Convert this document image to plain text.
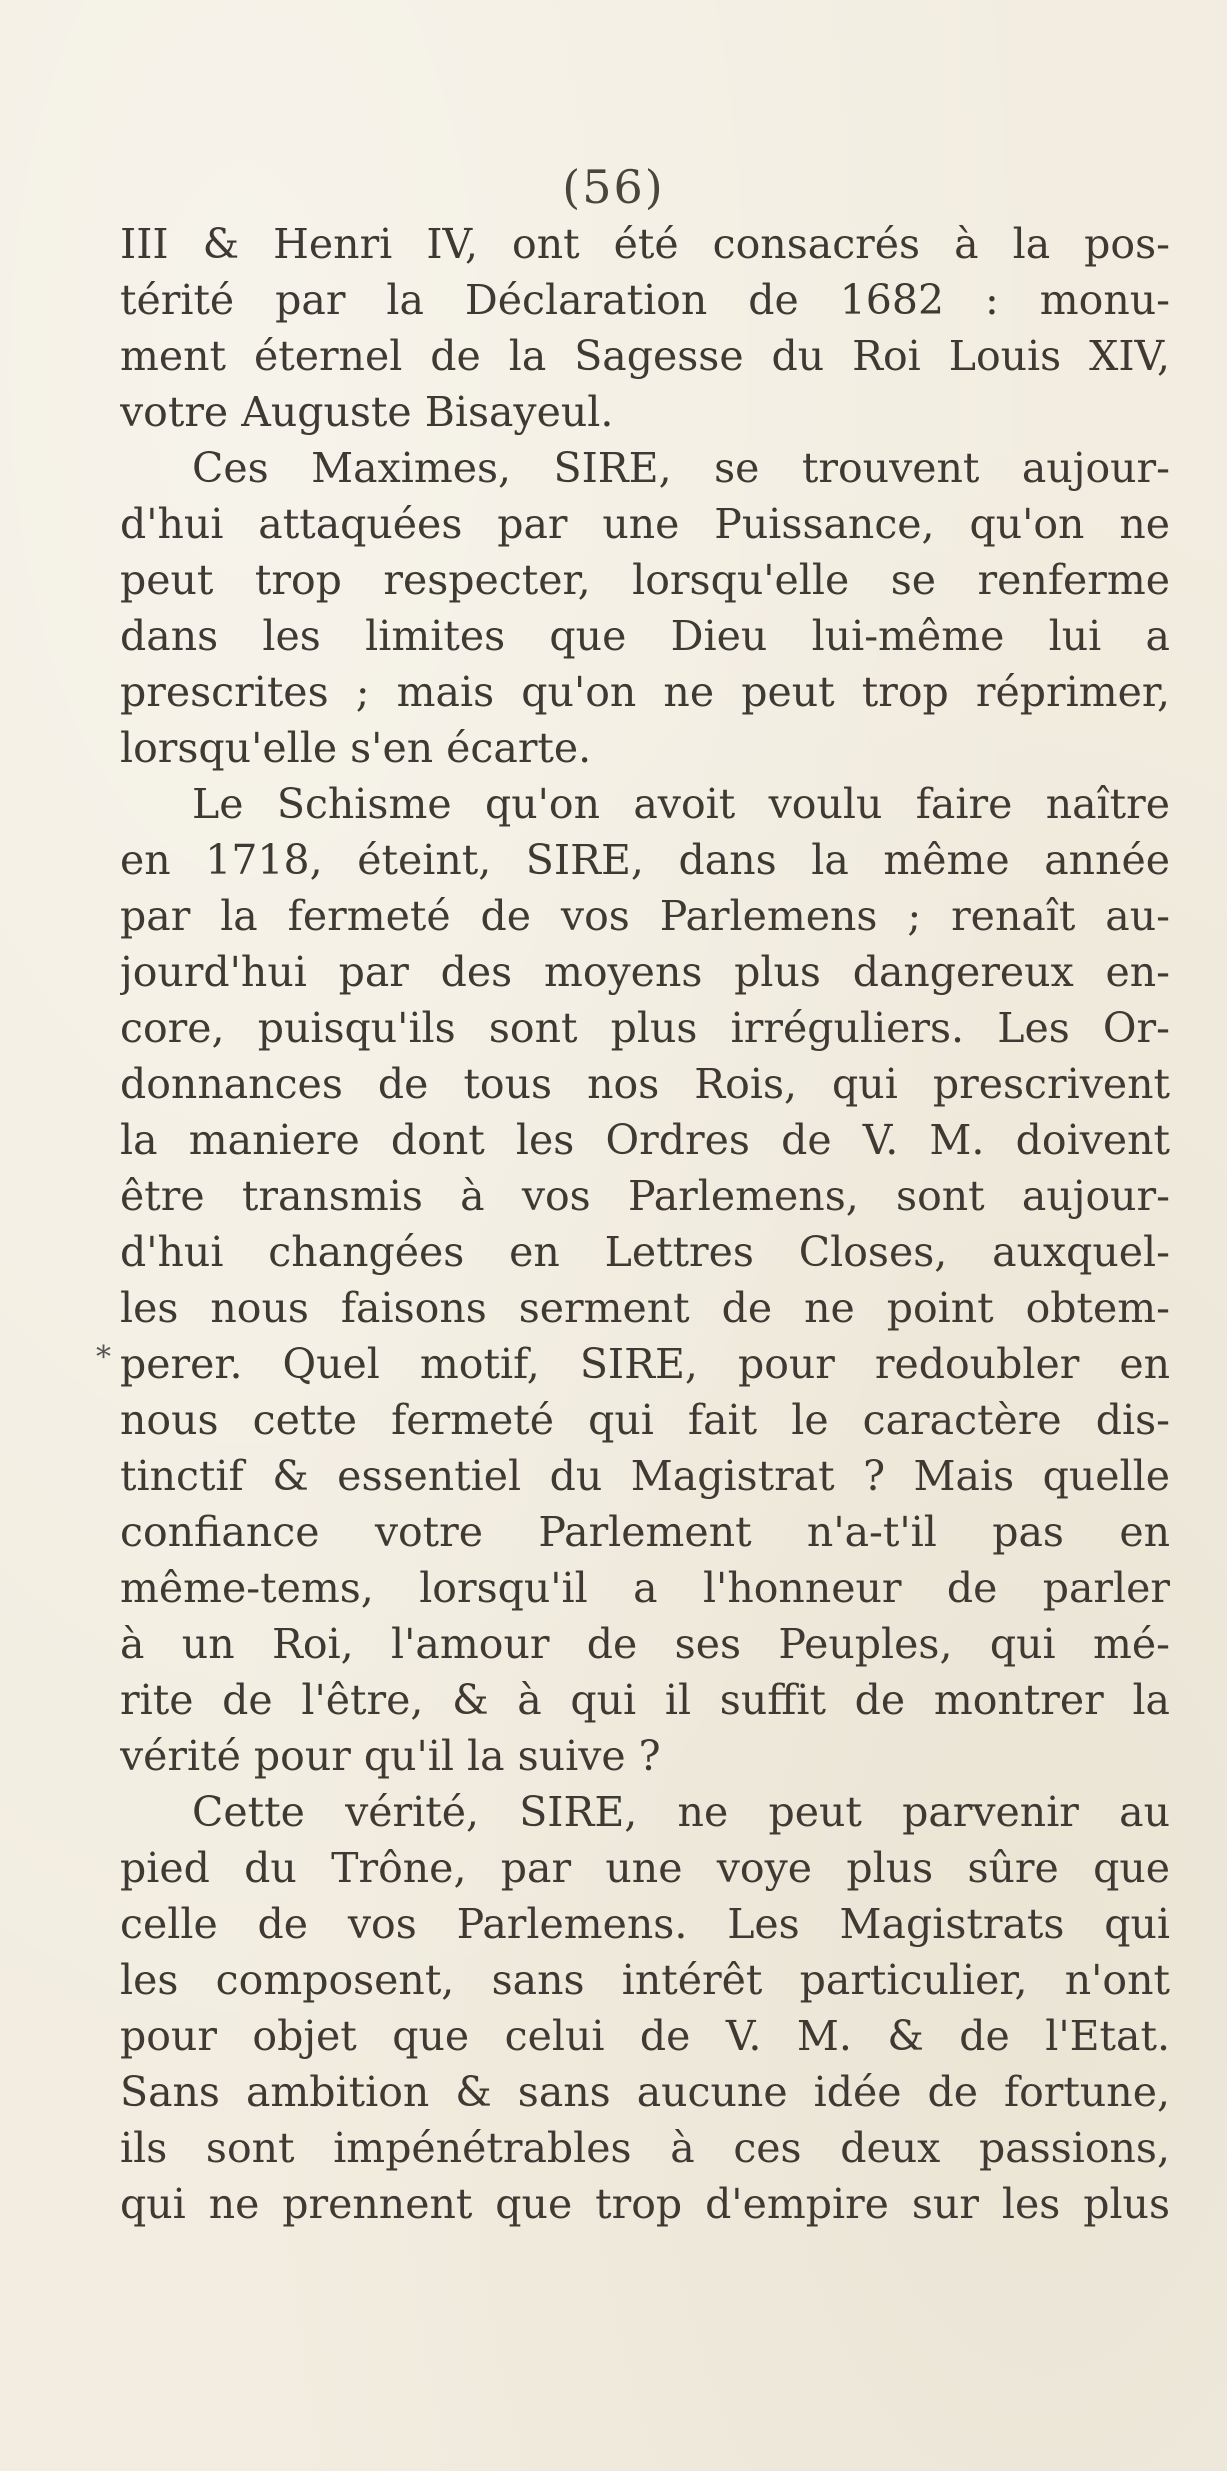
(56)
*
III & Henri IV, ont été consacrés à la pos-
térité par la Déclaration de 1682 : monu-
ment éternel de la Sagesse du Roi Louis XIV,
votre Auguste Bisayeul.
Ces Maximes, SIRE, se trouvent aujour-
d'hui attaquées par une Puissance, qu'on ne
peut trop respecter, lorsqu'elle se renferme
dans les limites que Dieu lui-même lui a
prescrites ; mais qu'on ne peut trop réprimer,
lorsqu'elle s'en écarte.
Le Schisme qu'on avoit voulu faire naître
en 1718, éteint, SIRE, dans la même année
par la fermeté de vos Parlemens ; renaît au-
jourd'hui par des moyens plus dangereux en-
core, puisqu'ils sont plus irréguliers. Les Or-
donnances de tous nos Rois, qui prescrivent
la maniere dont les Ordres de V. M. doivent
être transmis à vos Parlemens, sont aujour-
d'hui changées en Lettres Closes, auxquel-
les nous faisons serment de ne point obtem-
perer. Quel motif, SIRE, pour redoubler en
nous cette fermeté qui fait le caractère dis-
tinctif & essentiel du Magistrat ? Mais quelle
confiance votre Parlement n'a-t'il pas en
même-tems, lorsqu'il a l'honneur de parler
à un Roi, l'amour de ses Peuples, qui mé-
rite de l'être, & à qui il suffit de montrer la
vérité pour qu'il la suive ?
Cette vérité, SIRE, ne peut parvenir au
pied du Trône, par une voye plus sûre que
celle de vos Parlemens. Les Magistrats qui
les composent, sans intérêt particulier, n'ont
pour objet que celui de V. M. & de l'Etat.
Sans ambition & sans aucune idée de fortune,
ils sont impénétrables à ces deux passions,
qui ne prennent que trop d'empire sur les plus
